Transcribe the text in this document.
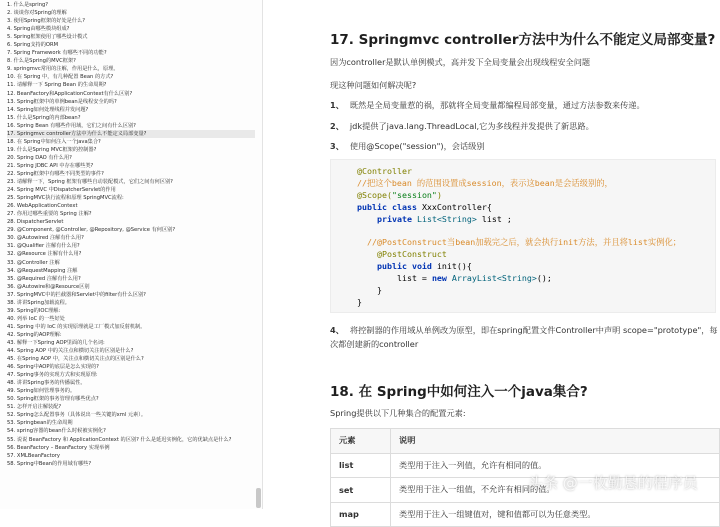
1. 什么是spring?
2. 谈谈你对Spring的理解
3. 使用Spring框架的好处是什么?
4. Spring由哪些模块组成?
5. Spring框架使用了哪些设计模式
6. Spring支持的ORM
7. Spring Framework 有哪些不同的功能?
8. 什么是Spring的MVC框架?
9. springmvc常用的注解，作用是什么，原理。
10. 在 Spring 中，有几种配置 Bean 的方式?
11. 请解释一下 Spring Bean 的生命周期?
12. BeanFactory和ApplicationContext有什么区别?
13. Spring框架中的单例bean是线程安全的吗?
14. Spring如何处理线程并发问题?
15. 什么是Spring的内部bean?
16. Spring Bean 有哪些作用域，它们之间有什么区别?
17. Springmvc controller方法中为什么不能定义局部变量?
18. 在 Spring中如何注入一个java集合?
19. 什么是Spring MVC框架的控制器?
20. Spring DAO 有什么用?
21. Spring JDBC API 中存在哪些类?
22. Spring框架中有哪些不同类型的事件?
23. 请解释一下，Spring 框架有哪些自动装配模式，它们之间有何区别?
24. Spring MVC 中DispatcherServlet的作用
25. SpringMVC执行流程和原理 SpringMVC流程:
26. WebApplicationContext
27. 你用过哪些重要的 Spring 注解?
28. DispatcherServlet
29. @Component, @Controller, @Repository, @Service 有何区别?
30. @Autowired 注解有什么用?
31. @Qualifier 注解有什么用?
32. @Resource 注解有什么用?
33. @Controller 注解
34. @RequestMapping 注解
35. @Required 注解有什么用?
36. @Autowire和@Resource区别
37. SpringMVC中的拦截器和Servlet中的filter有什么区别?
38. 讲讲Spring加载流程。
39. Spring的IOC理解:
40. 列举 IoC 的一些好处
41. Spring 中的 IoC 的实现原理就是工厂模式加反射机制。
42. Spring的AOP理解:
43. 解释一下Spring AOP里面的几个名词:
44. Spring AOP 中的关注点和横切关注的区别是什么?
45. 在Spring AOP 中，关注点和横切关注点的区别是什么?
46. Spring中AOP的底层是怎么实现的?
47. Spring事务的实现方式和实现原理:
48. 讲讲Spring事务的传播属性。
49. Spring如何管理事务的。
50. Spring框架的事务管理有哪些优点?
51. 怎样开启注解装配?
52. Spring怎么配置事务（具体说出一些关键的xml 元素）。
53. Springbean的生命周期
54. spring容器的bean什么时候被实例化?
55. 说说 BeanFactory 和 ApplicationContext 的区别? 什么是延迟实例化，它的优缺点是什么?
56. BeanFactory – BeanFactory 实现举例
57. XMLBeanFactory
58. Spring中Bean的作用域有哪些?
17. Springmvc controller方法中为什么不能定义局部变量?

因为controller是默认单例模式，高并发下全局变量会出现线程安全问题

现这种问题如何解决呢?

1、 既然是全局变量惹的祸，那就将全局变量都编程局部变量，通过方法参数来传递。

2、 jdk提供了java.lang.ThreadLocal,它为多线程并发提供了新思路。

3、 使用@Scope("session")，会话级别

@Controller
//把这个bean 的范围设置成session，表示这bean是会话级别的，
@Scope("session")
public class XxxController{
private List<String> list ;
//@PostConstruct当bean加载完之后，就会执行init方法，并且将list实例化；
@PostConstruct
public void init(){
list = new ArrayList<String>();
}
}

4、 将控制器的作用域从单例改为原型，即在spring配置文件Controller中声明 scope="prototype"，每

次都创建新的controller

18. 在 Spring中如何注入一个java集合?

Spring提供以下几种集合的配置元素:

元素	说明
list	类型用于注入一列值，允许有相同的值。
set	类型用于注入一组值，不允许有相同的值。
map	类型用于注入一组键值对，键和值都可以为任意类型。
头条 @一枚勤恳的程序员
